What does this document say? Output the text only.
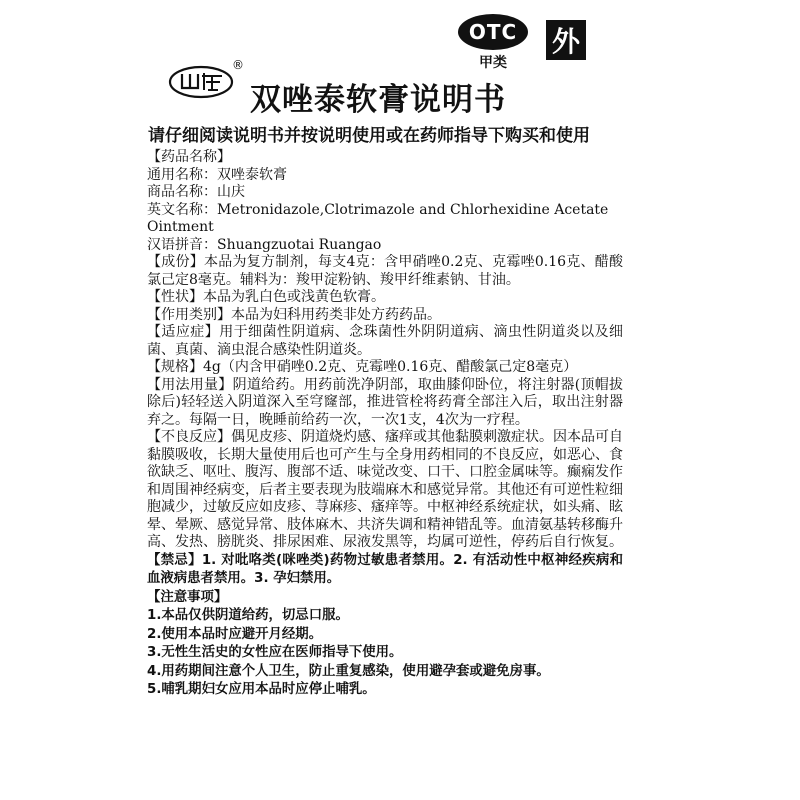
OTC
甲类
外
®
双唑泰软膏说明书
请仔细阅读说明书并按说明使用或在药师指导下购买和使用

【药品名称】

通用名称：双唑泰软膏

商品名称：山庆

英文名称：Metronidazole,Clotrimazole and Chlorhexidine Acetate Ointment

汉语拼音：Shuangzuotai Ruangao

【成份】本品为复方制剂，每支4克：含甲硝唑0.2克、克霉唑0.16克、醋酸氯己定8毫克。辅料为：羧甲淀粉钠、羧甲纤维素钠、甘油。

【性状】本品为乳白色或浅黄色软膏。

【作用类别】本品为妇科用药类非处方药药品。

【适应症】用于细菌性阴道病、念珠菌性外阴阴道病、滴虫性阴道炎以及细菌、真菌、滴虫混合感染性阴道炎。

【规格】4g（内含甲硝唑0.2克、克霉唑0.16克、醋酸氯己定8毫克）

【用法用量】阴道给药。用药前洗净阴部，取曲膝仰卧位，将注射器(顶帽拔除后)轻轻送入阴道深入至穹窿部，推进管栓将药膏全部注入后，取出注射器弃之。每隔一日，晚睡前给药一次，一次1支，4次为一疗程。

【不良反应】偶见皮疹、阴道烧灼感、瘙痒或其他黏膜刺激症状。因本品可自黏膜吸收，长期大量使用后也可产生与全身用药相同的不良反应，如恶心、食欲缺乏、呕吐、腹泻、腹部不适、味觉改变、口干、口腔金属味等。癫痫发作和周围神经病变，后者主要表现为肢端麻木和感觉异常。其他还有可逆性粒细胞减少，过敏反应如皮疹、荨麻疹、瘙痒等。中枢神经系统症状，如头痛、眩晕、晕厥、感觉异常、肢体麻木、共济失调和精神错乱等。血清氨基转移酶升高、发热、膀胱炎、排尿困难、尿液发黑等，均属可逆性，停药后自行恢复。

【禁忌】1. 对吡咯类(咪唑类)药物过敏患者禁用。2. 有活动性中枢神经疾病和血液病患者禁用。3. 孕妇禁用。

【注意事项】

1.本品仅供阴道给药，切忌口服。

2.使用本品时应避开月经期。

3.无性生活史的女性应在医师指导下使用。

4.用药期间注意个人卫生，防止重复感染，使用避孕套或避免房事。

5.哺乳期妇女应用本品时应停止哺乳。
